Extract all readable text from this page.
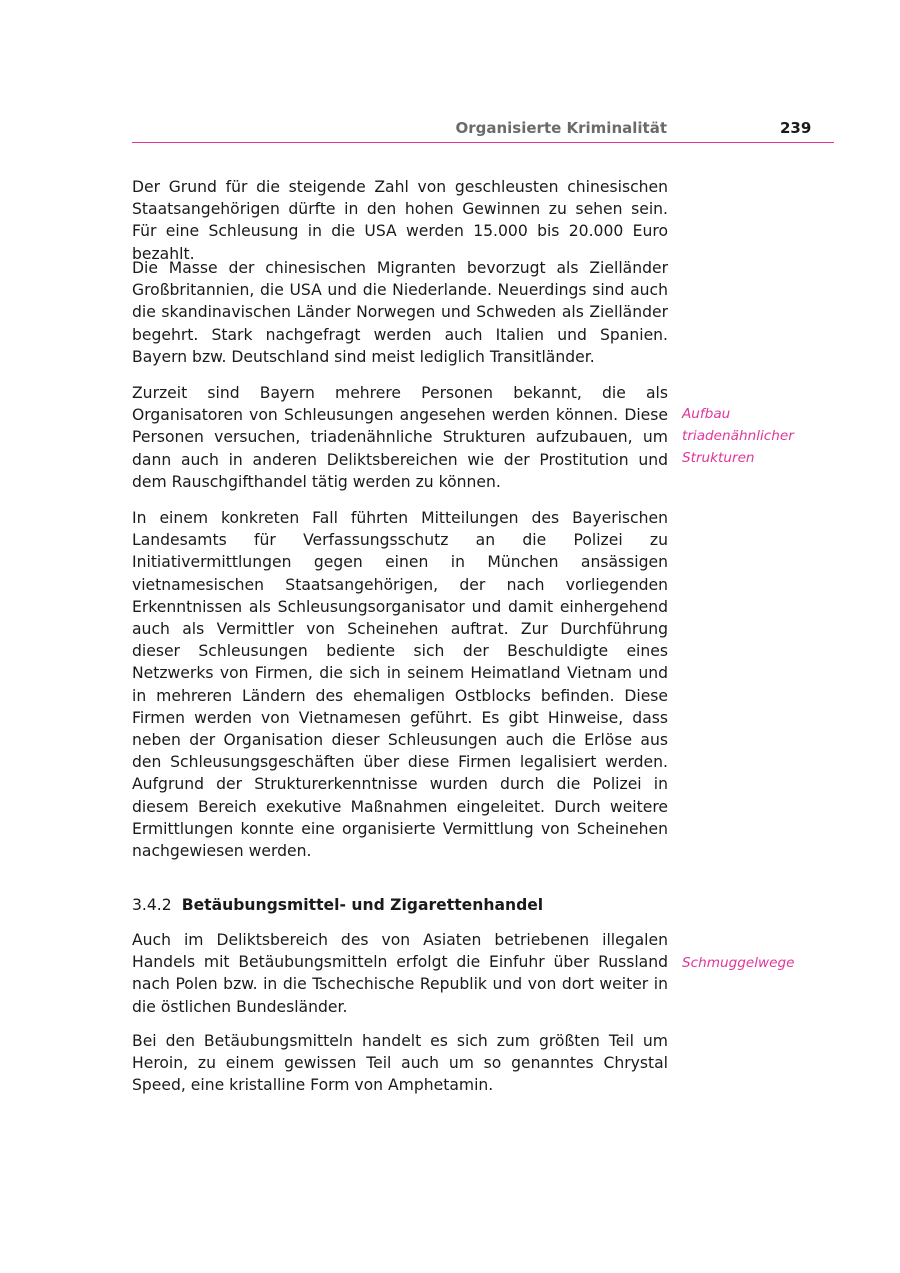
Organisierte Kriminalität	239

Der Grund für die steigende Zahl von geschleusten chinesischen Staatsangehörigen dürfte in den hohen Gewinnen zu sehen sein. Für eine Schleusung in die USA werden 15.000 bis 20.000 Euro bezahlt.

Die Masse der chinesischen Migranten bevorzugt als Zielländer Großbritannien, die USA und die Niederlande. Neuerdings sind auch die skandinavischen Länder Norwegen und Schweden als Zielländer begehrt. Stark nachgefragt werden auch Italien und Spanien. Bayern bzw. Deutschland sind meist lediglich Transitländer.

Zurzeit sind Bayern mehrere Personen bekannt, die als Organisatoren von Schleusungen angesehen werden können. Diese Personen versuchen, triadenähnliche Strukturen aufzubauen, um dann auch in anderen Deliktsbereichen wie der Prostitution und dem Rauschgifthandel tätig werden zu können.

Aufbau triadenähnlicher Strukturen

In einem konkreten Fall führten Mitteilungen des Bayerischen Landesamts für Verfassungsschutz an die Polizei zu Initiativermittlungen gegen einen in München ansässigen vietnamesischen Staatsangehörigen, der nach vorliegenden Erkenntnissen als Schleusungsorganisator und damit einhergehend auch als Vermittler von Scheinehen auftrat. Zur Durchführung dieser Schleusungen bediente sich der Beschuldigte eines Netzwerks von Firmen, die sich in seinem Heimatland Vietnam und in mehreren Ländern des ehemaligen Ostblocks befinden. Diese Firmen werden von Vietnamesen geführt. Es gibt Hinweise, dass neben der Organisation dieser Schleusungen auch die Erlöse aus den Schleusungsgeschäften über diese Firmen legalisiert werden. Aufgrund der Strukturerkenntnisse wurden durch die Polizei in diesem Bereich exekutive Maßnahmen eingeleitet. Durch weitere Ermittlungen konnte eine organisierte Vermittlung von Scheinehen nachgewiesen werden.

3.4.2 Betäubungsmittel- und Zigarettenhandel

Auch im Deliktsbereich des von Asiaten betriebenen illegalen Handels mit Betäubungsmitteln erfolgt die Einfuhr über Russland nach Polen bzw. in die Tschechische Republik und von dort weiter in die östlichen Bundesländer.

Schmuggelwege

Bei den Betäubungsmitteln handelt es sich zum größten Teil um Heroin, zu einem gewissen Teil auch um so genanntes Chrystal Speed, eine kristalline Form von Amphetamin.
